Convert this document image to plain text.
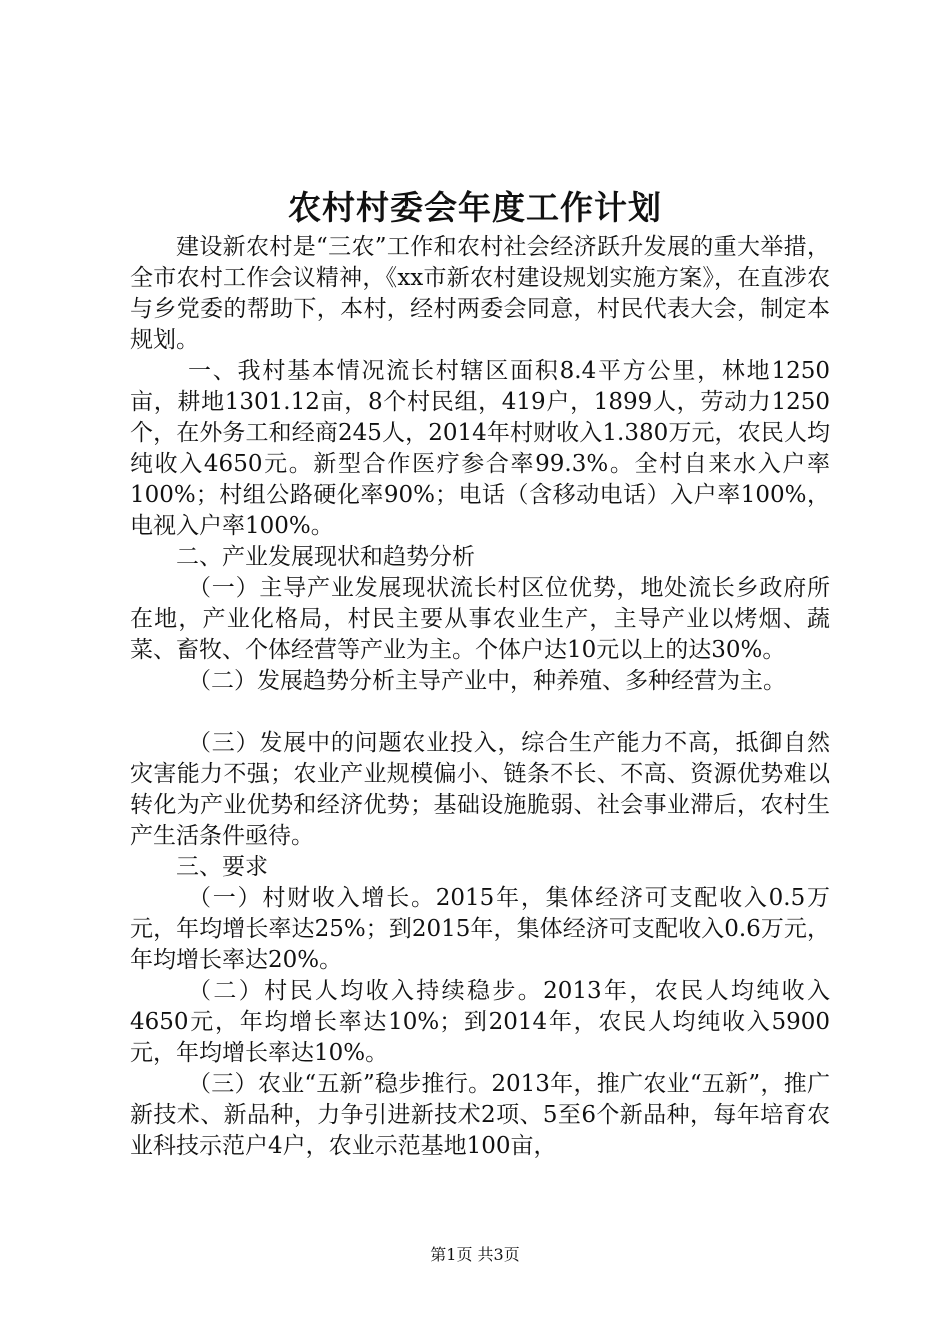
农村村委会年度工作计划

建设新农村是“三农”工作和农村社会经济跃升发展的重大举措，全市农村工作会议精神，《xx市新农村建设规划实施方案》，在直涉农与乡党委的帮助下，本村，经村两委会同意，村民代表大会，制定本规划。

一、我村基本情况流长村辖区面积8.4平方公里，林地1250亩，耕地1301.12亩，8个村民组，419户，1899人，劳动力1250个，在外务工和经商245人，2014年村财收入1.380万元，农民人均纯收入4650元。新型合作医疗参合率99.3%。全村自来水入户率100%；村组公路硬化率90%；电话（含移动电话）入户率100%，电视入户率100%。

二、产业发展现状和趋势分析

（一）主导产业发展现状流长村区位优势，地处流长乡政府所在地，产业化格局，村民主要从事农业生产，主导产业以烤烟、蔬菜、畜牧、个体经营等产业为主。个体户达10元以上的达30%。

（二）发展趋势分析主导产业中，种养殖、多种经营为主。

（三）发展中的问题农业投入，综合生产能力不高，抵御自然灾害能力不强；农业产业规模偏小、链条不长、不高、资源优势难以转化为产业优势和经济优势；基础设施脆弱、社会事业滞后，农村生产生活条件亟待。

三、要求

（一）村财收入增长。2015年，集体经济可支配收入0.5万元，年均增长率达25%；到2015年，集体经济可支配收入0.6万元，年均增长率达20%。

（二）村民人均收入持续稳步。2013年，农民人均纯收入4650元，年均增长率达10%；到2014年，农民人均纯收入5900元，年均增长率达10%。

（三）农业“五新”稳步推行。2013年，推广农业“五新”，推广新技术、新品种，力争引进新技术2项、5至6个新品种，每年培育农业科技示范户4户，农业示范基地100亩，

第1页 共3页
